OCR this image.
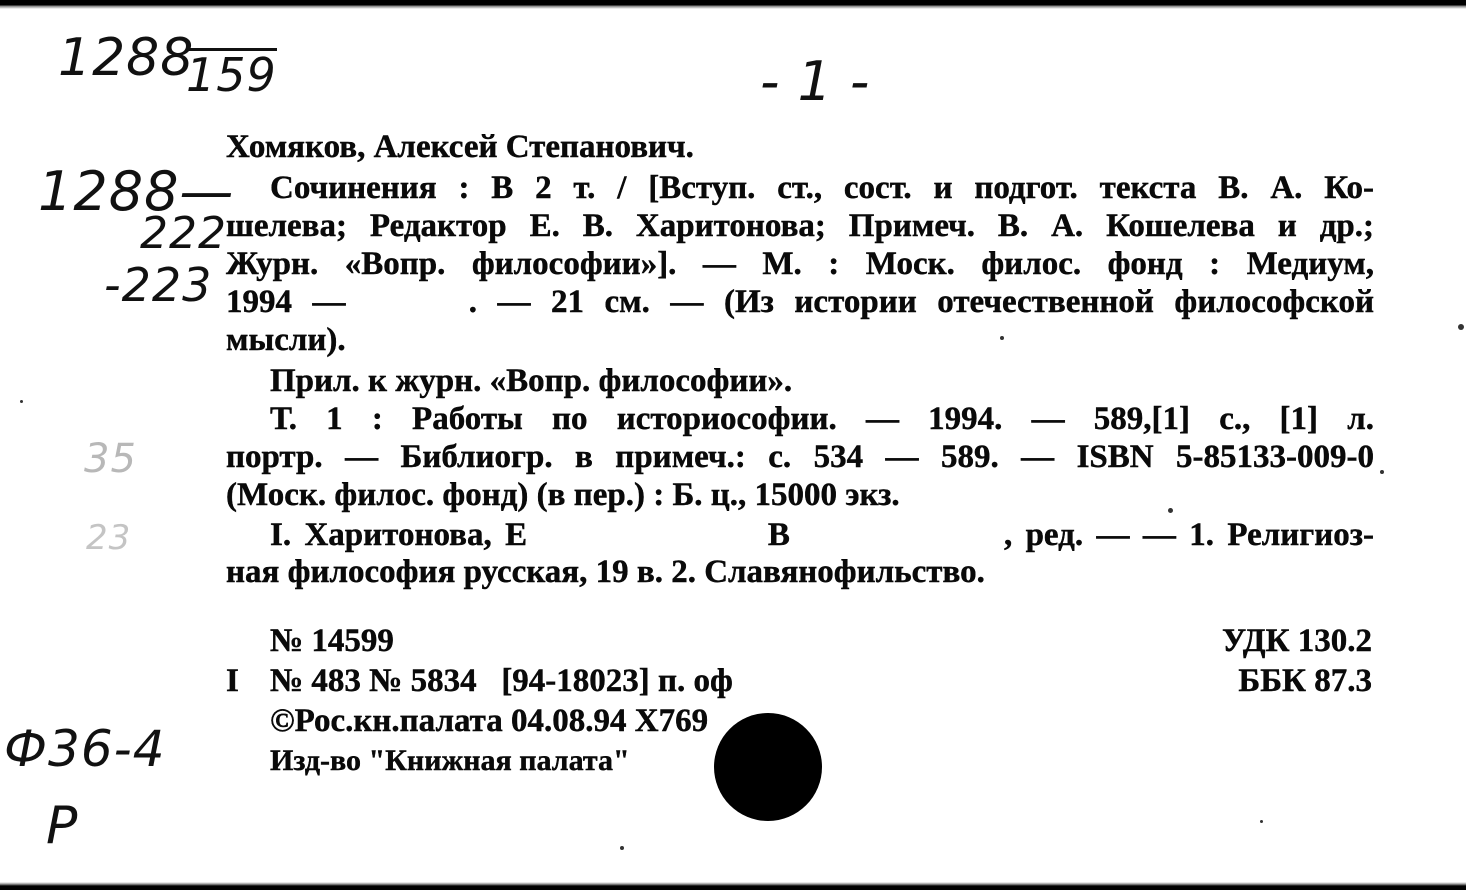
1288
159	-1-
1288—
222
-223
Ф36-4
Р
35
23
Хомяков, Алексей Степанович.
Сочинения : В 2 т. / [Вступ. ст., сост. и подгот. текста В. А. Ко-
шелева; Редактор Е. В. Харитонова; Примеч. В. А. Кошелева и др.;
Журн. «Вопр. философии»]. — М. : Моск. филос. фонд : Медиум,
1994 —      . — 21 см. — (Из истории отечественной философской
мысли).
Прил. к журн. «Вопр. философии».
Т. 1 : Работы по историософии. — 1994. — 589,[1] с., [1] л.
портр. — Библиогр. в примеч.: с. 534 — 589. — ISBN 5-85133-009-0
(Моск. филос. фонд) (в пер.) : Б. ц., 15000 экз.
I. Харитонова, Е                  В                , ред. — — 1. Религиоз-
ная философия русская, 19 в. 2. Славянофильство.
№ 14599
I № 483 № 5834   [94-18023] п. оф
©Рос.кн.палата 04.08.94 Х769
Изд-во "Книжная палата"
УДК 130.2
ББК 87.3
